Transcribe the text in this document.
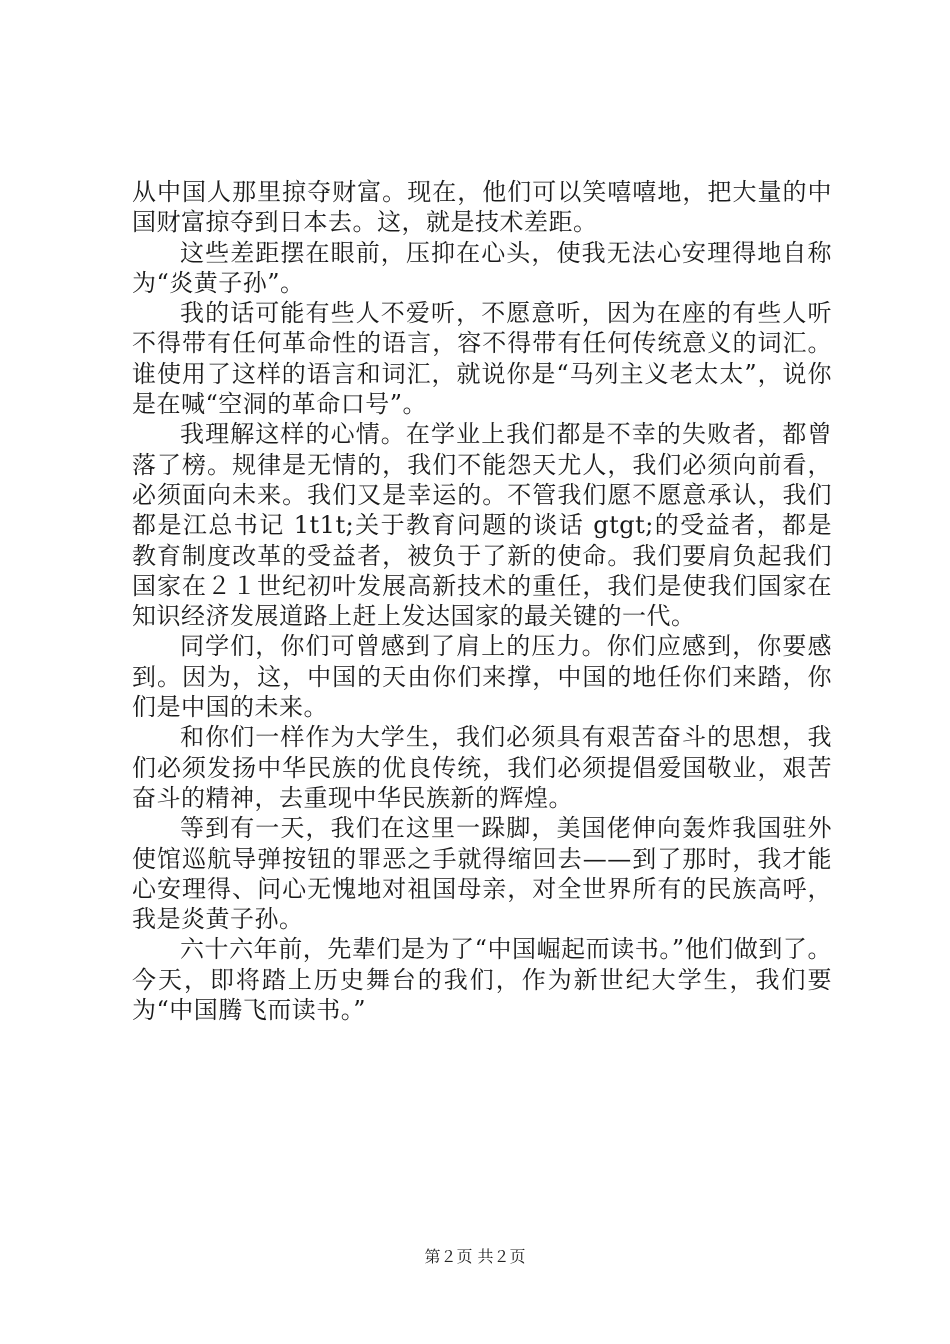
从中国人那里掠夺财富。现在，他们可以笑嘻嘻地，把大量的中国财富掠夺到日本去。这，就是技术差距。

这些差距摆在眼前，压抑在心头，使我无法心安理得地自称为“炎黄子孙”。

我的话可能有些人不爱听，不愿意听，因为在座的有些人听不得带有任何革命性的语言，容不得带有任何传统意义的词汇。谁使用了这样的语言和词汇，就说你是“马列主义老太太”，说你是在喊“空洞的革命口号”。

我理解这样的心情。在学业上我们都是不幸的失败者，都曾落了榜。规律是无情的，我们不能怨天尤人，我们必须向前看，必须面向未来。我们又是幸运的。不管我们愿不愿意承认，我们都是江总书记 1t1t;关于教育问题的谈话 gtgt;的受益者，都是教育制度改革的受益者，被负于了新的使命。我们要肩负起我们国家在２１世纪初叶发展高新技术的重任，我们是使我们国家在知识经济发展道路上赶上发达国家的最关键的一代。

同学们，你们可曾感到了肩上的压力。你们应感到，你要感到。因为，这，中国的天由你们来撑，中国的地任你们来踏，你们是中国的未来。

和你们一样作为大学生，我们必须具有艰苦奋斗的思想，我们必须发扬中华民族的优良传统，我们必须提倡爱国敬业，艰苦奋斗的精神，去重现中华民族新的辉煌。

等到有一天，我们在这里一跺脚，美国佬伸向轰炸我国驻外使馆巡航导弹按钮的罪恶之手就得缩回去——到了那时，我才能心安理得、问心无愧地对祖国母亲，对全世界所有的民族高呼，我是炎黄子孙。

六十六年前，先辈们是为了“中国崛起而读书。”他们做到了。今天，即将踏上历史舞台的我们，作为新世纪大学生，我们要为“中国腾飞而读书。”

第２页 共２页
